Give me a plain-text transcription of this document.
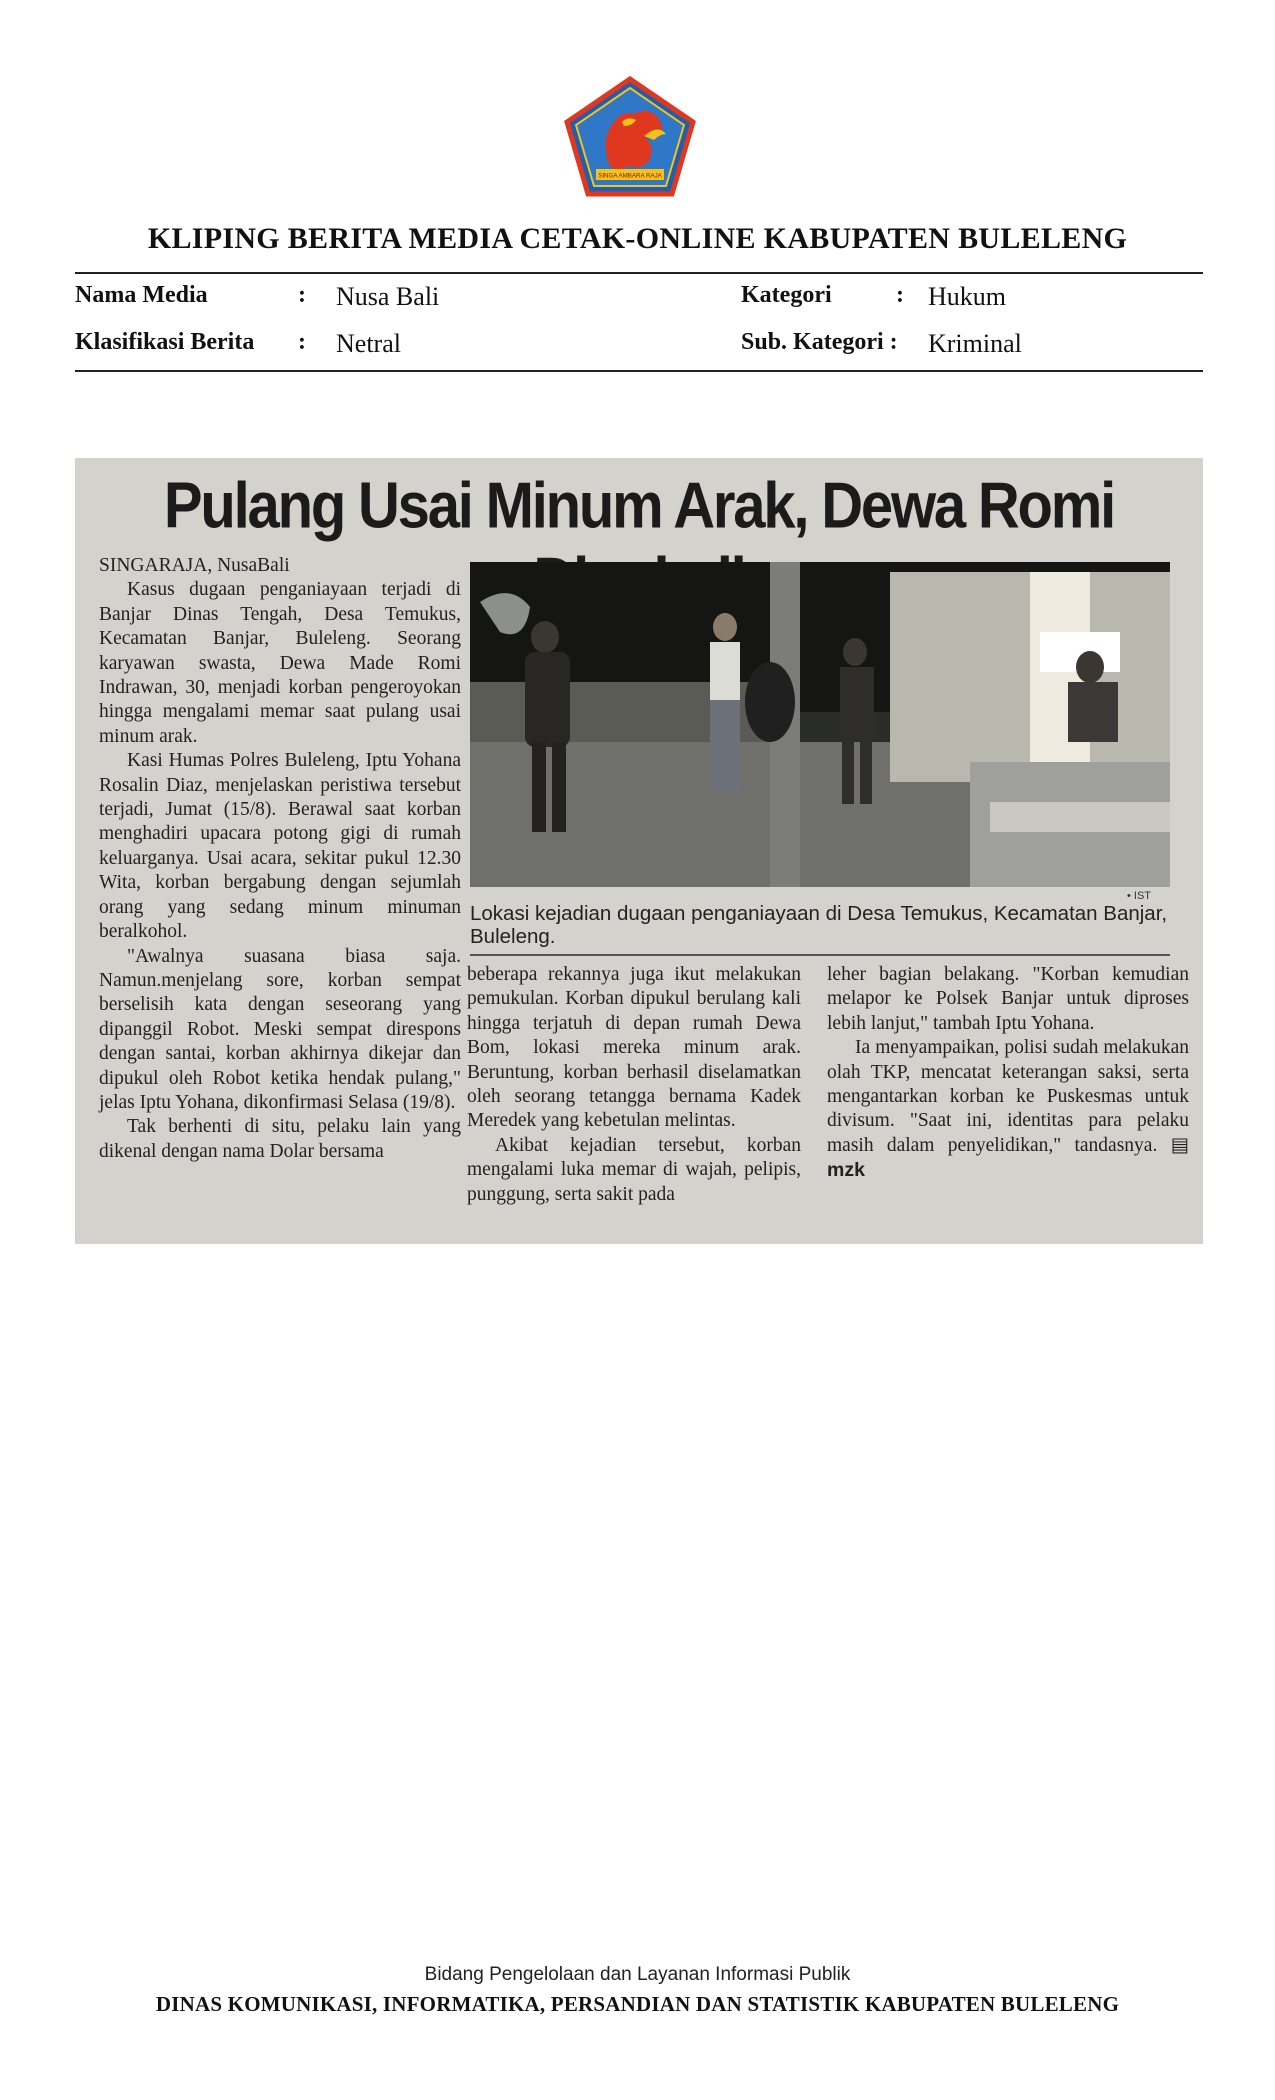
SINGA AMBARA RAJA
KLIPING BERITA MEDIA CETAK-ONLINE KABUPATEN BULELENG
Nama Media	: Nusa Bali
Klasifikasi Berita : Netral
Kategori	: Hukum
Sub. Kategori : Kriminal
Pulang Usai Minum Arak, Dewa Romi

SINGARAJA, NusaBali

Kasus dugaan penganiayaan terjadi di Banjar Dinas Tengah, Desa Temukus, Kecamatan Banjar, Buleleng. Seorang karyawan swasta, Dewa Made Romi Indrawan, 30, menjadi korban pengeroyokan hingga mengalami memar saat pulang usai minum arak.

Kasi Humas Polres Buleleng, Iptu Yohana Rosalin Diaz, menjelaskan peristiwa tersebut terjadi, Jumat (15/8). Berawal saat korban menghadiri upacara potong gigi di rumah keluarganya. Usai acara, sekitar pukul 12.30 Wita, korban bergabung dengan sejumlah orang yang sedang minum minuman beralkohol.

"Awalnya suasana biasa saja. Namun.menjelang sore, korban sempat berselisih kata dengan seseorang yang dipanggil Robot. Meski sempat direspons dengan santai, korban akhirnya dikejar dan dipukul oleh Robot ketika hendak pulang," jelas Iptu Yohana, dikonfirmasi Selasa (19/8).

Tak berhenti di situ, pelaku lain yang dikenal dengan nama Dolar bersama

• IST
Lokasi kejadian dugaan penganiayaan di Desa Temukus, Kecamatan Banjar, Buleleng.

beberapa rekannya juga ikut melakukan pemukulan. Korban dipukul berulang kali hingga terjatuh di depan rumah Dewa Bom, lokasi mereka minum arak. Beruntung, korban berhasil diselamatkan oleh seorang tetangga bernama Kadek Meredek yang kebetulan melintas.

Akibat kejadian tersebut, korban mengalami luka memar di wajah, pelipis, punggung, serta sakit pada

leher bagian belakang. "Korban kemudian melapor ke Polsek Banjar untuk diproses lebih lanjut," tambah Iptu Yohana.

Ia menyampaikan, polisi sudah melakukan olah TKP, mencatat keterangan saksi, serta mengantarkan korban ke Puskesmas untuk divisum. "Saat ini, identitas para pelaku masih dalam penyelidikan," tandasnya. ▤ mzk

Bidang Pengelolaan dan Layanan Informasi Publik
DINAS KOMUNIKASI, INFORMATIKA, PERSANDIAN DAN STATISTIK KABUPATEN BULELENG
